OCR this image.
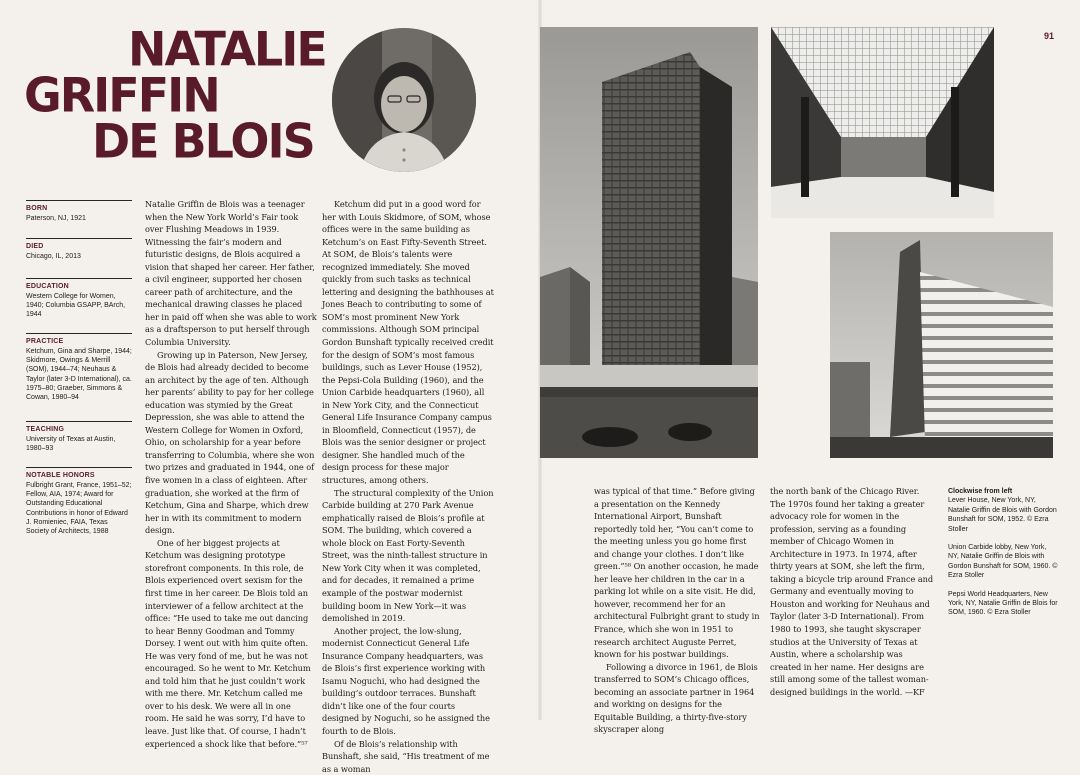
NATALIE
GRIFFIN
DE BLOIS
BORN
Paterson, NJ, 1921
DIED
Chicago, IL, 2013
EDUCATION
Western College for Women, 1940; Columbia GSAPP, BArch, 1944
PRACTICE
Ketchum, Gina and Sharpe, 1944; Skidmore, Owings & Merrill (SOM), 1944–74; Neuhaus & Taylor (later 3-D International), ca. 1975–80; Graeber, Simmons & Cowan, 1980–94
TEACHING
University of Texas at Austin, 1980–93
NOTABLE HONORS
Fulbright Grant, France, 1951–52; Fellow, AIA, 1974; Award for Outstanding Educational Contributions in honor of Edward J. Romieniec, FAIA, Texas Society of Architects, 1988

Natalie Griffin de Blois was a teenager when the New York World’s Fair took over Flushing Meadows in 1939. Witnessing the fair’s modern and futuristic designs, de Blois acquired a vision that shaped her career. Her father, a civil engineer, supported her chosen career path of architecture, and the mechanical drawing classes he placed her in paid off when she was able to work as a draftsperson to put herself through Columbia University.

Growing up in Paterson, New Jersey, de Blois had already decided to become an architect by the age of ten. Although her parents’ ability to pay for her college education was stymied by the Great Depression, she was able to attend the Western College for Women in Oxford, Ohio, on scholarship for a year before transferring to Columbia, where she won two prizes and graduated in 1944, one of five women in a class of eighteen. After graduation, she worked at the firm of Ketchum, Gina and Sharpe, which drew her in with its commitment to modern design.

One of her biggest projects at Ketchum was designing prototype storefront components. In this role, de Blois experienced overt sexism for the first time in her career. De Blois told an interviewer of a fellow architect at the office: “He used to take me out dancing to hear Benny Goodman and Tommy Dorsey. I went out with him quite often. He was very fond of me, but he was not encouraged. So he went to Mr. Ketchum and told him that he just couldn’t work with me there. Mr. Ketchum called me over to his desk. We were all in one room. He said he was sorry, I’d have to leave. Just like that. Of course, I hadn’t experienced a shock like that before.”⁵⁷

Ketchum did put in a good word for her with Louis Skidmore, of SOM, whose offices were in the same building as Ketchum’s on East Fifty-Seventh Street. At SOM, de Blois’s talents were recognized immediately. She moved quickly from such tasks as technical lettering and designing the bathhouses at Jones Beach to contributing to some of SOM’s most prominent New York commissions. Although SOM principal Gordon Bunshaft typically received credit for the design of SOM’s most famous buildings, such as Lever House (1952), the Pepsi-Cola Building (1960), and the Union Carbide headquarters (1960), all in New York City, and the Connecticut General Life Insurance Company campus in Bloomfield, Connecticut (1957), de Blois was the senior designer or project designer. She handled much of the design process for these major structures, among others.

The structural complexity of the Union Carbide building at 270 Park Avenue emphatically raised de Blois’s profile at SOM. The building, which covered a whole block on East Forty-Seventh Street, was the ninth-tallest structure in New York City when it was completed, and for decades, it remained a prime example of the postwar modernist building boom in New York—it was demolished in 2019.

Another project, the low-slung, modernist Connecticut General Life Insurance Company headquarters, was de Blois’s first experience working with Isamu Noguchi, who had designed the building’s outdoor terraces. Bunshaft didn’t like one of the four courts designed by Noguchi, so he assigned the fourth to de Blois.

Of de Blois’s relationship with Bunshaft, she said, “His treatment of me as a woman

was typical of that time.” Before giving a presentation on the Kennedy International Airport, Bunshaft reportedly told her, “You can’t come to the meeting unless you go home first and change your clothes. I don’t like green.”⁵⁸ On another occasion, he made her leave her children in the car in a parking lot while on a site visit. He did, however, recommend her for an architectural Fulbright grant to study in France, which she won in 1951 to research architect Auguste Perret, known for his postwar buildings.

Following a divorce in 1961, de Blois transferred to SOM’s Chicago offices, becoming an associate partner in 1964 and working on designs for the Equitable Building, a thirty-five-story skyscraper along

the north bank of the Chicago River. The 1970s found her taking a greater advocacy role for women in the profession, serving as a founding member of Chicago Women in Architecture in 1973. In 1974, after thirty years at SOM, she left the firm, taking a bicycle trip around France and Germany and eventually moving to Houston and working for Neuhaus and Taylor (later 3-D International). From 1980 to 1993, she taught skyscraper studios at the University of Texas at Austin, where a scholarship was created in her name. Her designs are still among some of the tallest woman-designed buildings in the world. —KF

Clockwise from left
Lever House, New York, NY, Natalie Griffin de Blois with Gordon Bunshaft for SOM, 1952. © Ezra Stoller
Union Carbide lobby, New York, NY, Natalie Griffin de Blois with Gordon Bunshaft for SOM, 1960. © Ezra Stoller
Pepsi World Headquarters, New York, NY, Natalie Griffin de Blois for SOM, 1960. © Ezra Stoller
91
